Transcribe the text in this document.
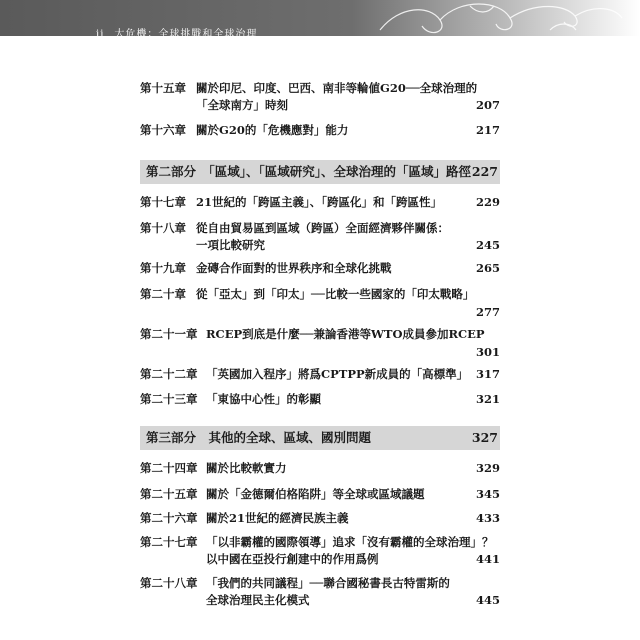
ii 大危機：全球挑戰和全球治理
第十五章 關於印尼、印度、巴西、南非等輪値G20──全球治理的
「全球南方」時刻	207
第十六章 關於G20的「危機應對」能力	217
第二部分　「區域」、「區域研究」、全球治理的「區域」路徑 227
第十七章 21世紀的「跨區主義」、「跨區化」和「跨區性」	229
第十八章 從自由貿易區到區域（跨區）全面經濟夥伴關係：
一項比較研究	245
第十九章 金磚合作面對的世界秩序和全球化挑戰	265
第二十章 從「亞太」到「印太」──比較一些國家的「印太戰略」
277
第二十一章 RCEP到底是什麼──兼論香港等WTO成員參加RCEP
301
第二十二章 「英國加入程序」將爲CPTPP新成員的「高標準」 317
第二十三章 「東協中心性」的彰顯	321
第三部分　其他的全球、區域、國別問題	327
第二十四章 關於比較軟實力	329
第二十五章 關於「金德爾伯格陷阱」等全球或區域議題	345
第二十六章 關於21世紀的經濟民族主義	433
第二十七章 「以非霸權的國際領導」追求「沒有霸權的全球治理」？
以中國在亞投行創建中的作用爲例	441
第二十八章 「我們的共同議程」──聯合國秘書長古特雷斯的
全球治理民主化模式	445
